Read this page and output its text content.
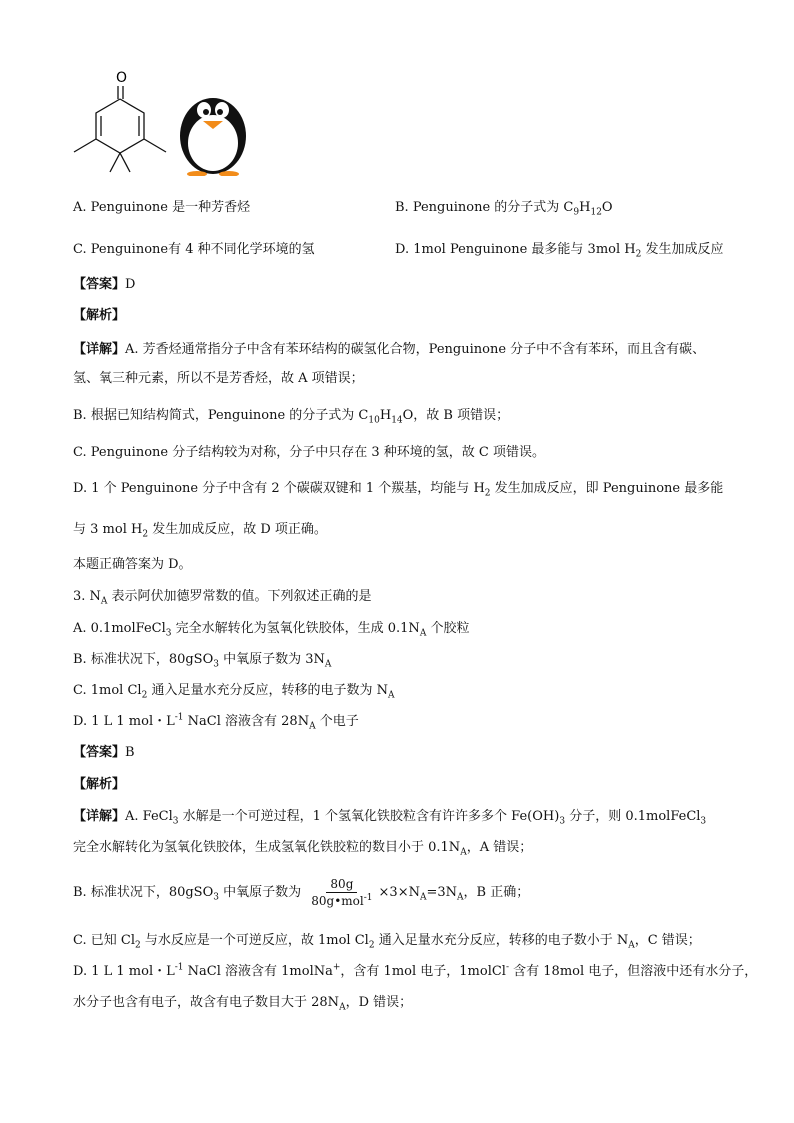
O
A. Penguinone 是一种芳香烃	B. Penguinone 的分子式为 $C_9H_{12}O$
C. Penguinone有 4 种不同化学环境的氢	D. 1mol Penguinone 最多能与 3mol $H_2$ 发生加成反应
【答案】D
【解析】
【详解】A. 芳香烃通常指分子中含有苯环结构的碳氢化合物，Penguinone 分子中不含有苯环，而且含有碳、
氢、氧三种元素，所以不是芳香烃，故 A 项错误；
B. 根据已知结构简式，Penguinone 的分子式为 $C_{10}H_{14}O$，故 B 项错误；
C. Penguinone 分子结构较为对称，分子中只存在 3 种环境的氢，故 C 项错误。
D. 1 个 Penguinone 分子中含有 2 个碳碳双键和 1 个羰基，均能与 $H_2$ 发生加成反应，即 Penguinone 最多能
与 3 mol $H_2$ 发生加成反应，故 D 项正确。
本题正确答案为 D。
3. $N_A$ 表示阿伏加德罗常数的值。下列叙述正确的是
A. 0.1molFeCl$_3$ 完全水解转化为氢氧化铁胶体，生成 $0.1N_A$ 个胶粒
B. 标准状况下，80gSO$_3$ 中氧原子数为 $3N_A$
C. 1mol $Cl_2$ 通入足量水充分反应，转移的电子数为 $N_A$
D. 1 L 1 mol・$L^{-1}$ NaCl 溶液含有 $28N_A$ 个电子
【答案】B
【解析】
【详解】A. FeCl$_3$ 水解是一个可逆过程，1 个氢氧化铁胶粒含有许许多多个 $Fe(OH)_3$ 分子，则 0.1molFeCl$_3$
完全水解转化为氢氧化铁胶体，生成氢氧化铁胶粒的数目小于 $0.1N_A$，A 错误；
B. 标准状况下，80gSO$_3$ 中氧原子数为 $\frac{80g}{80g•mol^{-1}} \times 3\times N_A=3N_A$，B 正确；
C. 已知 $Cl_2$ 与水反应是一个可逆反应，故 1mol $Cl_2$ 通入足量水充分反应，转移的电子数小于 $N_A$，C 错误；
D. 1 L 1 mol・$L^{-1}$ NaCl 溶液含有 1molNa+，含有 1mol 电子，1molCl- 含有 18mol 电子，但溶液中还有水分子，
水分子也含有电子，故含有电子数目大于 $28N_A$，D 错误；
